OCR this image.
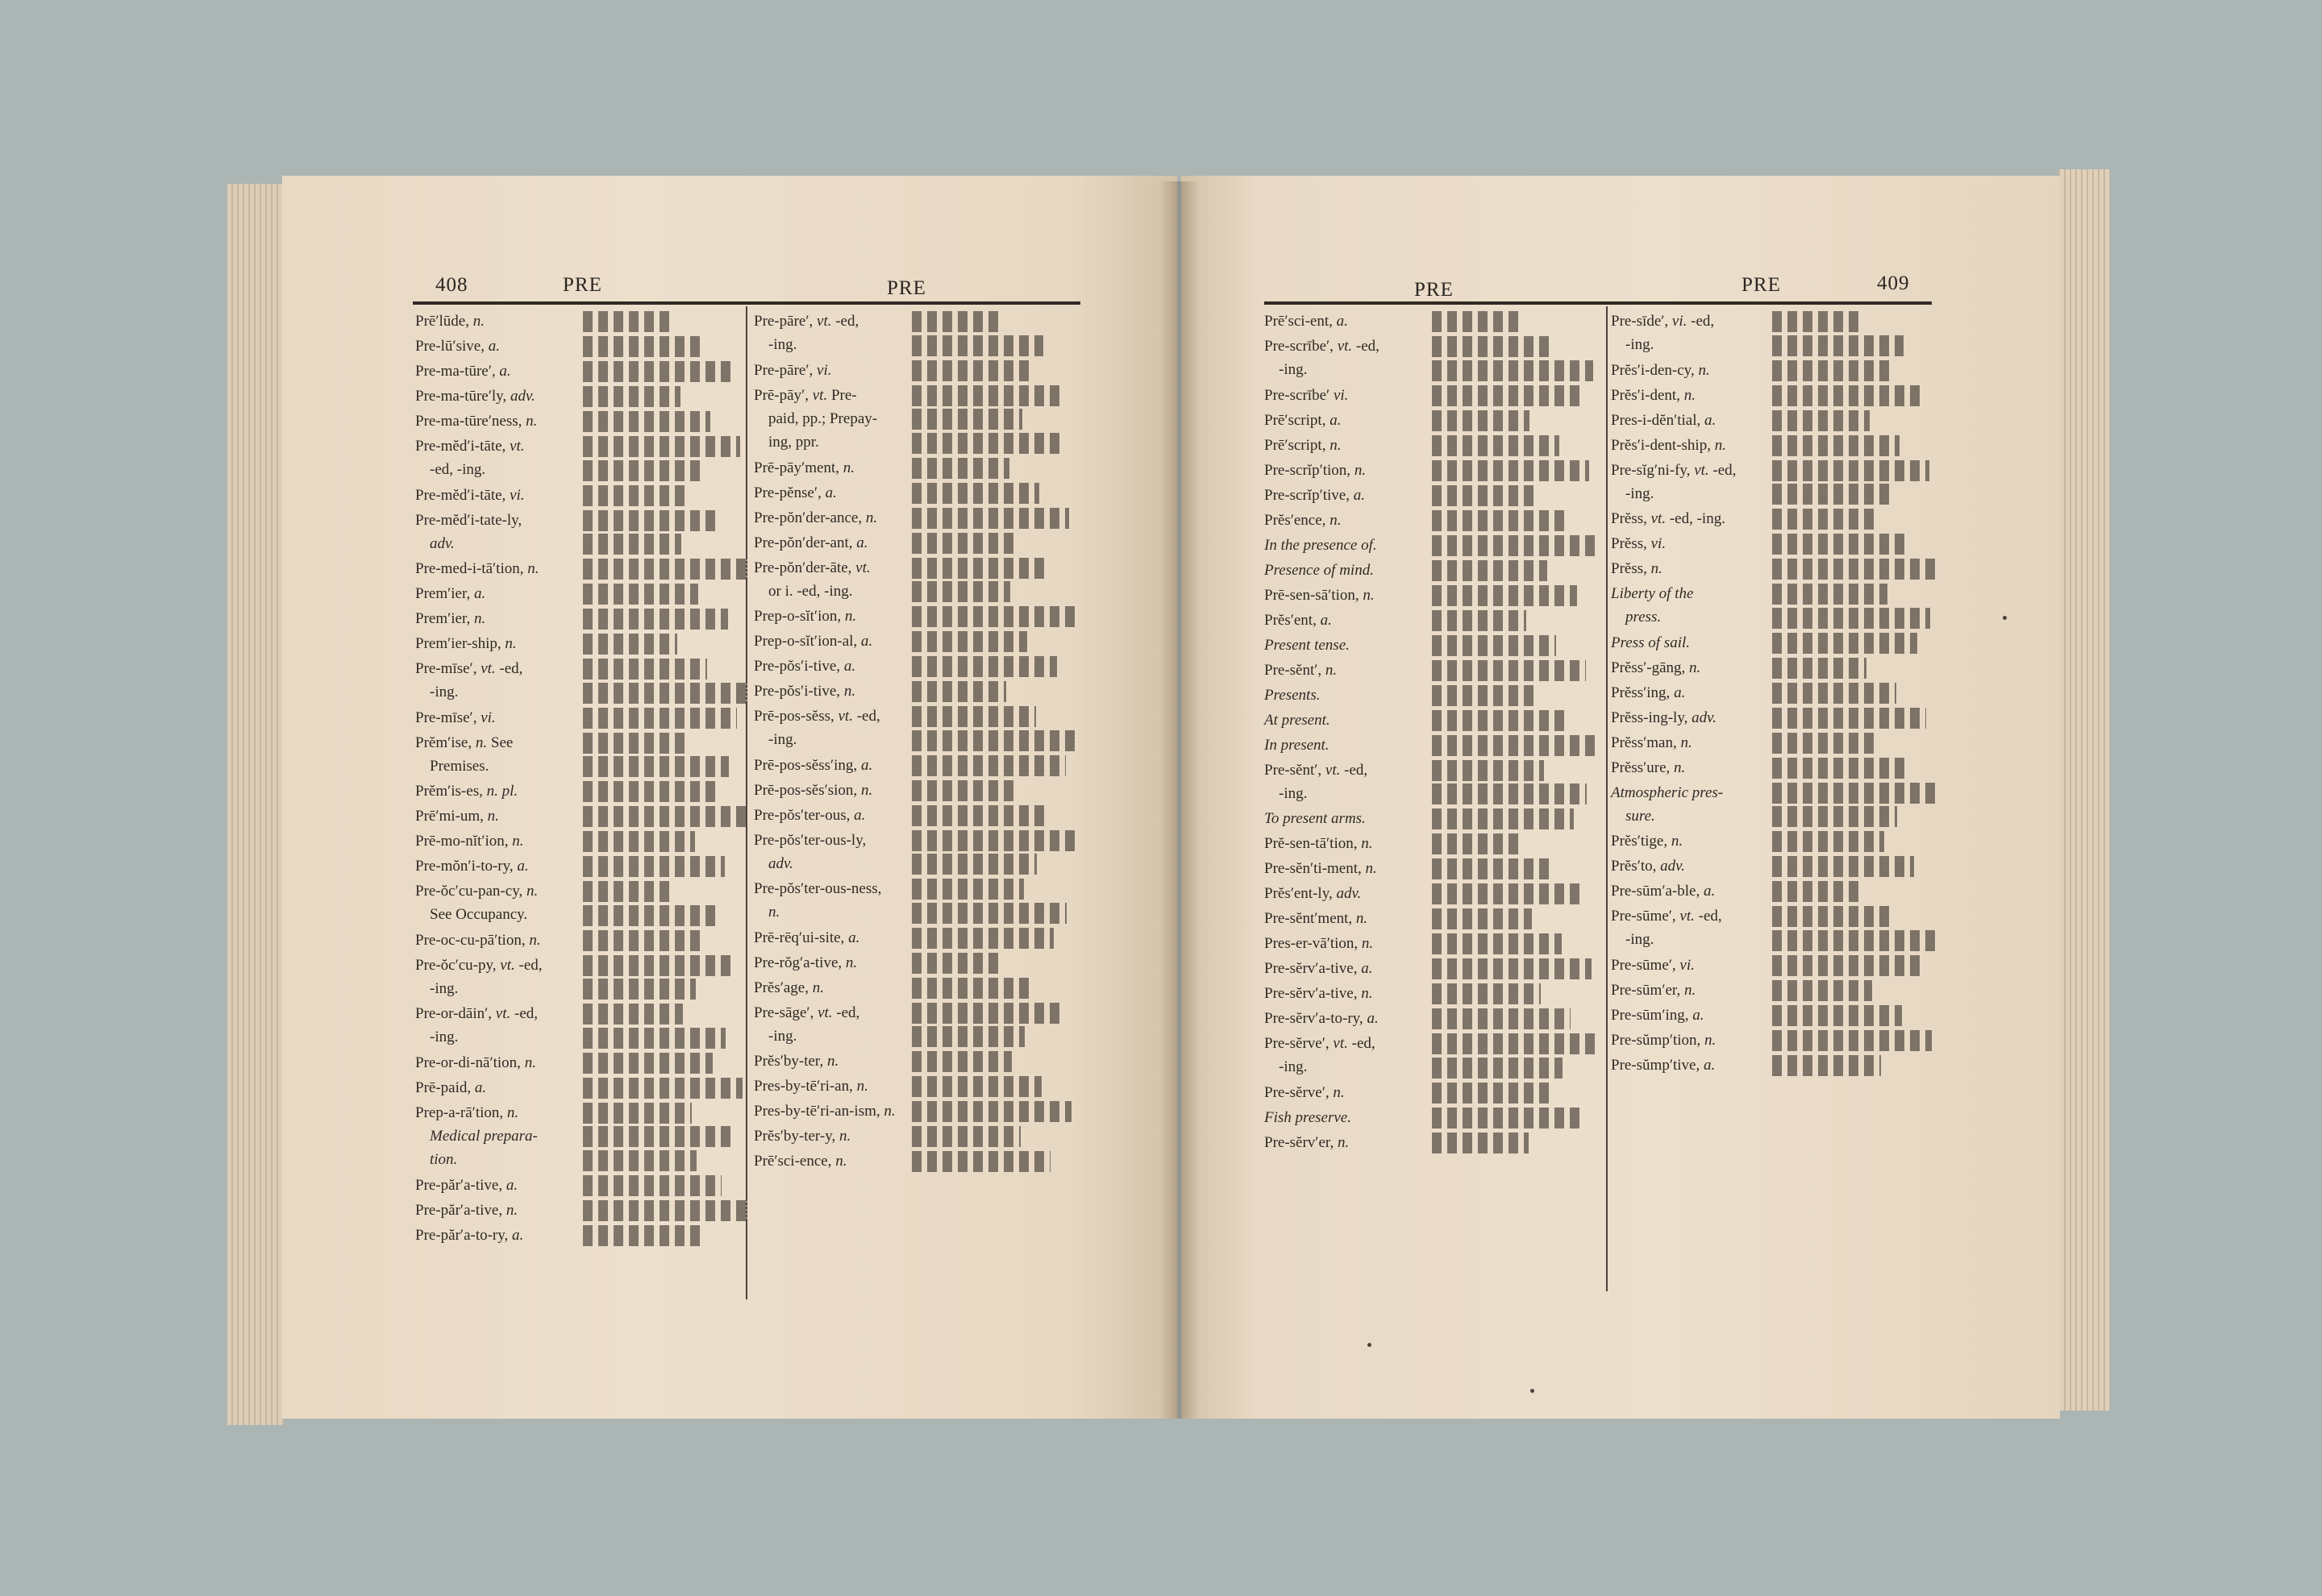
408	PRE	PRE	PRE	PRE	409
Prē′lūde, n.
Pre-lū′sive, a.
Pre-ma-tūre′, a.
Pre-ma-tūre′ly, adv.
Pre-ma-tūre′ness, n.
Pre-mĕd′i-tāte, vt.
-ed, -ing.
Pre-mĕd′i-tāte, vi.
Pre-mĕd′i-tate-ly,
adv.
Pre-med-i-tā′tion, n.
Prem′ier, a.
Prem′ier, n.
Prem′ier-ship, n.
Pre-mīse′, vt. -ed,
-ing.
Pre-mīse′, vi.
Prĕm′ise, n. See
Premises.
Prĕm′is-es, n. pl.
Prē′mi-um, n.
Prē-mo-nĭt′ion, n.
Pre-mŏn′i-to-ry, a.
Pre-ŏc′cu-pan-cy, n.
See Occupancy.
Pre-oc-cu-pā′tion, n.
Pre-ŏc′cu-py, vt. -ed,
-ing.
Pre-or-dāin′, vt. -ed,
-ing.
Pre-or-di-nā′tion, n.
Prē-paid, a.
Prep-a-rā′tion, n.
Medical prepara-
tion.
Pre-păr′a-tive, a.
Pre-păr′a-tive, n.
Pre-păr′a-to-ry, a.
Pre-pāre′, vt. -ed,
-ing.
Pre-pāre′, vi.
Prē-pāy′, vt. Pre-
paid, pp.; Prepay-
ing, ppr.
Prē-pāy′ment, n.
Pre-pĕnse′, a.
Pre-pŏn′der-ance, n.
Pre-pŏn′der-ant, a.
Pre-pŏn′der-āte, vt.
or i. -ed, -ing.
Prep-o-sĭt′ion, n.
Prep-o-sĭt′ion-al, a.
Pre-pŏs′i-tive, a.
Pre-pŏs′i-tive, n.
Prē-pos-sĕss, vt. -ed,
-ing.
Prē-pos-sĕss′ing, a.
Prē-pos-sĕs′sion, n.
Pre-pŏs′ter-ous, a.
Pre-pŏs′ter-ous-ly,
adv.
Pre-pŏs′ter-ous-ness,
n.
Prē-rēq′ui-site, a.
Pre-rŏg′a-tive, n.
Prĕs′age, n.
Pre-sāge′, vt. -ed,
-ing.
Prĕs′by-ter, n.
Pres-by-tē′ri-an, n.
Pres-by-tē′ri-an-ism, n.
Prĕs′by-ter-y, n.
Prē′sci-ence, n.
Prē′sci-ent, a.
Pre-scrībe′, vt. -ed,
-ing.
Pre-scrībe′ vi.
Prē′script, a.
Prē′script, n.
Pre-scrĭp′tion, n.
Pre-scrĭp′tive, a.
Prĕs′ence, n.
In the presence of.
Presence of mind.
Prē-sen-sā′tion, n.
Prĕs′ent, a.
Present tense.
Pre-sĕnt′, n.
Presents.
At present.
In present.
Pre-sĕnt′, vt. -ed,
-ing.
To present arms.
Prĕ-sen-tā′tion, n.
Pre-sĕn′ti-ment, n.
Prĕs′ent-ly, adv.
Pre-sĕnt′ment, n.
Pres-er-vā′tion, n.
Pre-sĕrv′a-tive, a.
Pre-sĕrv′a-tive, n.
Pre-sĕrv′a-to-ry, a.
Pre-sĕrve′, vt. -ed,
-ing.
Pre-sĕrve′, n.
Fish preserve.
Pre-sĕrv′er, n.
Pre-sīde′, vi. -ed,
-ing.
Prĕs′i-den-cy, n.
Prĕs′i-dent, n.
Pres-i-dĕn′tial, a.
Prĕs′i-dent-ship, n.
Pre-sĭg′ni-fy, vt. -ed,
-ing.
Prĕss, vt. -ed, -ing.
Prĕss, vi.
Prĕss, n.
Liberty of the
press.
Press of sail.
Prĕss′-gāng, n.
Prĕss′ing, a.
Prĕss-ing-ly, adv.
Prĕss′man, n.
Prĕss′ure, n.
Atmospheric pres-
sure.
Prĕs′tige, n.
Prĕs′to, adv.
Pre-sūm′a-ble, a.
Pre-sūme′, vt. -ed,
-ing.
Pre-sūme′, vi.
Pre-sūm′er, n.
Pre-sūm′ing, a.
Pre-sŭmp′tion, n.
Pre-sŭmp′tive, a.
